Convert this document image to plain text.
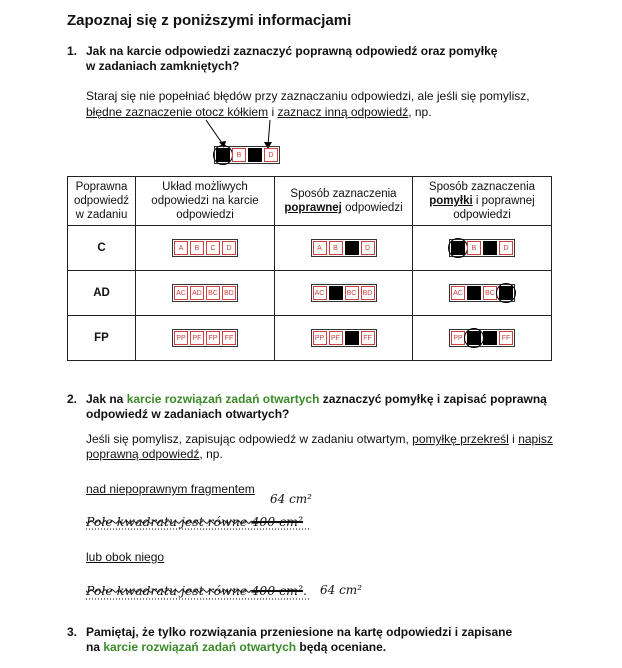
Zapoznaj się z poniższymi informacjami
1. Jak na karcie odpowiedzi zaznaczyć poprawną odpowiedź oraz pomyłkę
w zadaniach zamkniętych?
Staraj się nie popełniać błędów przy zaznaczaniu odpowiedzi, ale jeśli się pomylisz,
błędne zaznaczenie otocz kółkiem i zaznacz inną odpowiedź, np.
B	D
Poprawna odpowiedź w zadaniu	Układ możliwych odpowiedzi na karcie odpowiedzi	Sposób zaznaczenia poprawnej odpowiedzi	Sposób zaznaczenia pomyłki i poprawnej odpowiedzi
C	A B C D	A B D	B D

AD	AC AD BC BD	AC BC BD	AC BC

FP	PP PF FP FF	PP PF FF	PP FF
2. Jak na karcie rozwiązań zadań otwartych zaznaczyć pomyłkę i zapisać poprawną
odpowiedź w zadaniach otwartych?
Jeśli się pomylisz, zapisując odpowiedź w zadaniu otwartym, pomyłkę przekreśl i napisz
poprawną odpowiedź, np.
nad niepoprawnym fragmentem
64 cm²
Pole kwadratu jest równe 400 cm²
lub obok niego
Pole kwadratu jest równe 400 cm². 64 cm²
3. Pamiętaj, że tylko rozwiązania przeniesione na kartę odpowiedzi i zapisane
na karcie rozwiązań zadań otwartych będą oceniane.
